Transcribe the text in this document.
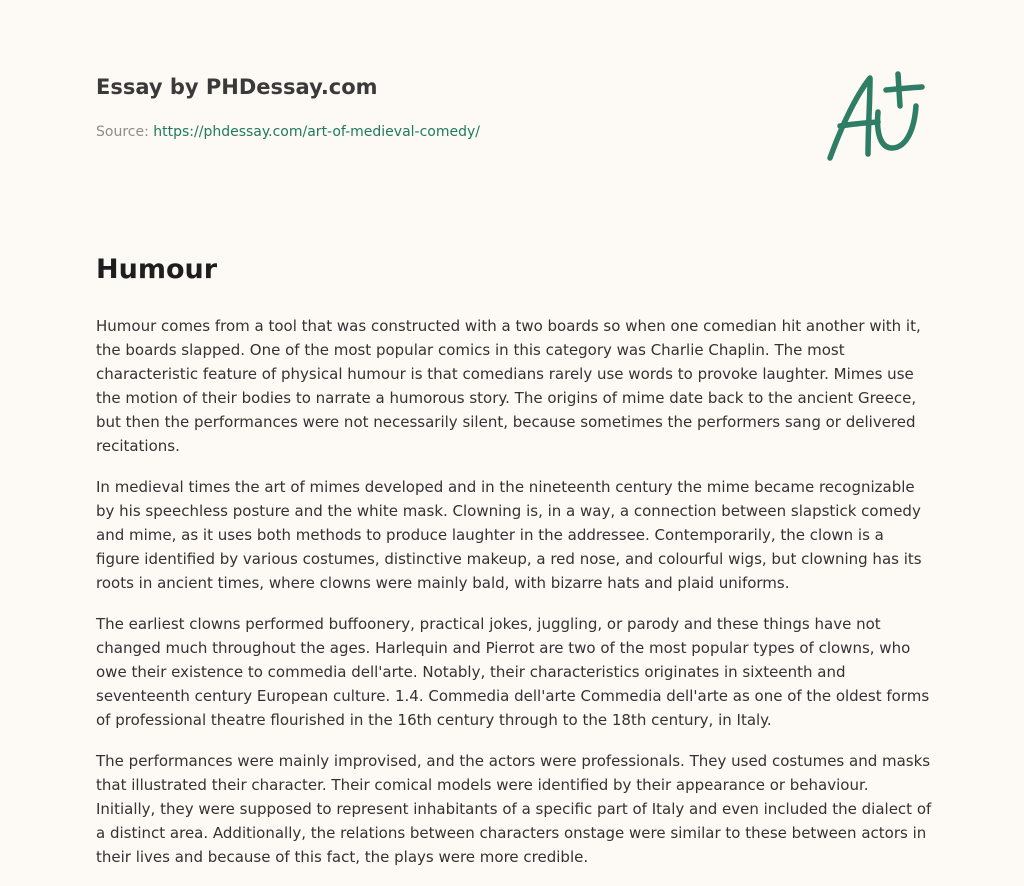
Essay by PHDessay.com
Source: https://phdessay.com/art-of-medieval-comedy/
Humour

Humour comes from a tool that was constructed with a two boards so when one comedian hit another with it, the boards slapped. One of the most popular comics in this category was Charlie Chaplin. The most characteristic feature of physical humour is that comedians rarely use words to provoke laughter. Mimes use the motion of their bodies to narrate a humorous story. The origins of mime date back to the ancient Greece, but then the performances were not necessarily silent, because sometimes the performers sang or delivered recitations.

In medieval times the art of mimes developed and in the nineteenth century the mime became recognizable by his speechless posture and the white mask. Clowning is, in a way, a connection between slapstick comedy and mime, as it uses both methods to produce laughter in the addressee. Contemporarily, the clown is a figure identified by various costumes, distinctive makeup, a red nose, and colourful wigs, but clowning has its roots in ancient times, where clowns were mainly bald, with bizarre hats and plaid uniforms.

The earliest clowns performed buffoonery, practical jokes, juggling, or parody and these things have not changed much throughout the ages. Harlequin and Pierrot are two of the most popular types of clowns, who owe their existence to commedia dell'arte. Notably, their characteristics originates in sixteenth and seventeenth century European culture. 1.4. Commedia dell'arte Commedia dell'arte as one of the oldest forms of professional theatre flourished in the 16th century through to the 18th century, in Italy.

The performances were mainly improvised, and the actors were professionals. They used costumes and masks that illustrated their character. Their comical models were identified by their appearance or behaviour. Initially, they were supposed to represent inhabitants of a specific part of Italy and even included the dialect of a distinct area. Additionally, the relations between characters onstage were similar to these between actors in their lives and because of this fact, the plays were more credible.
